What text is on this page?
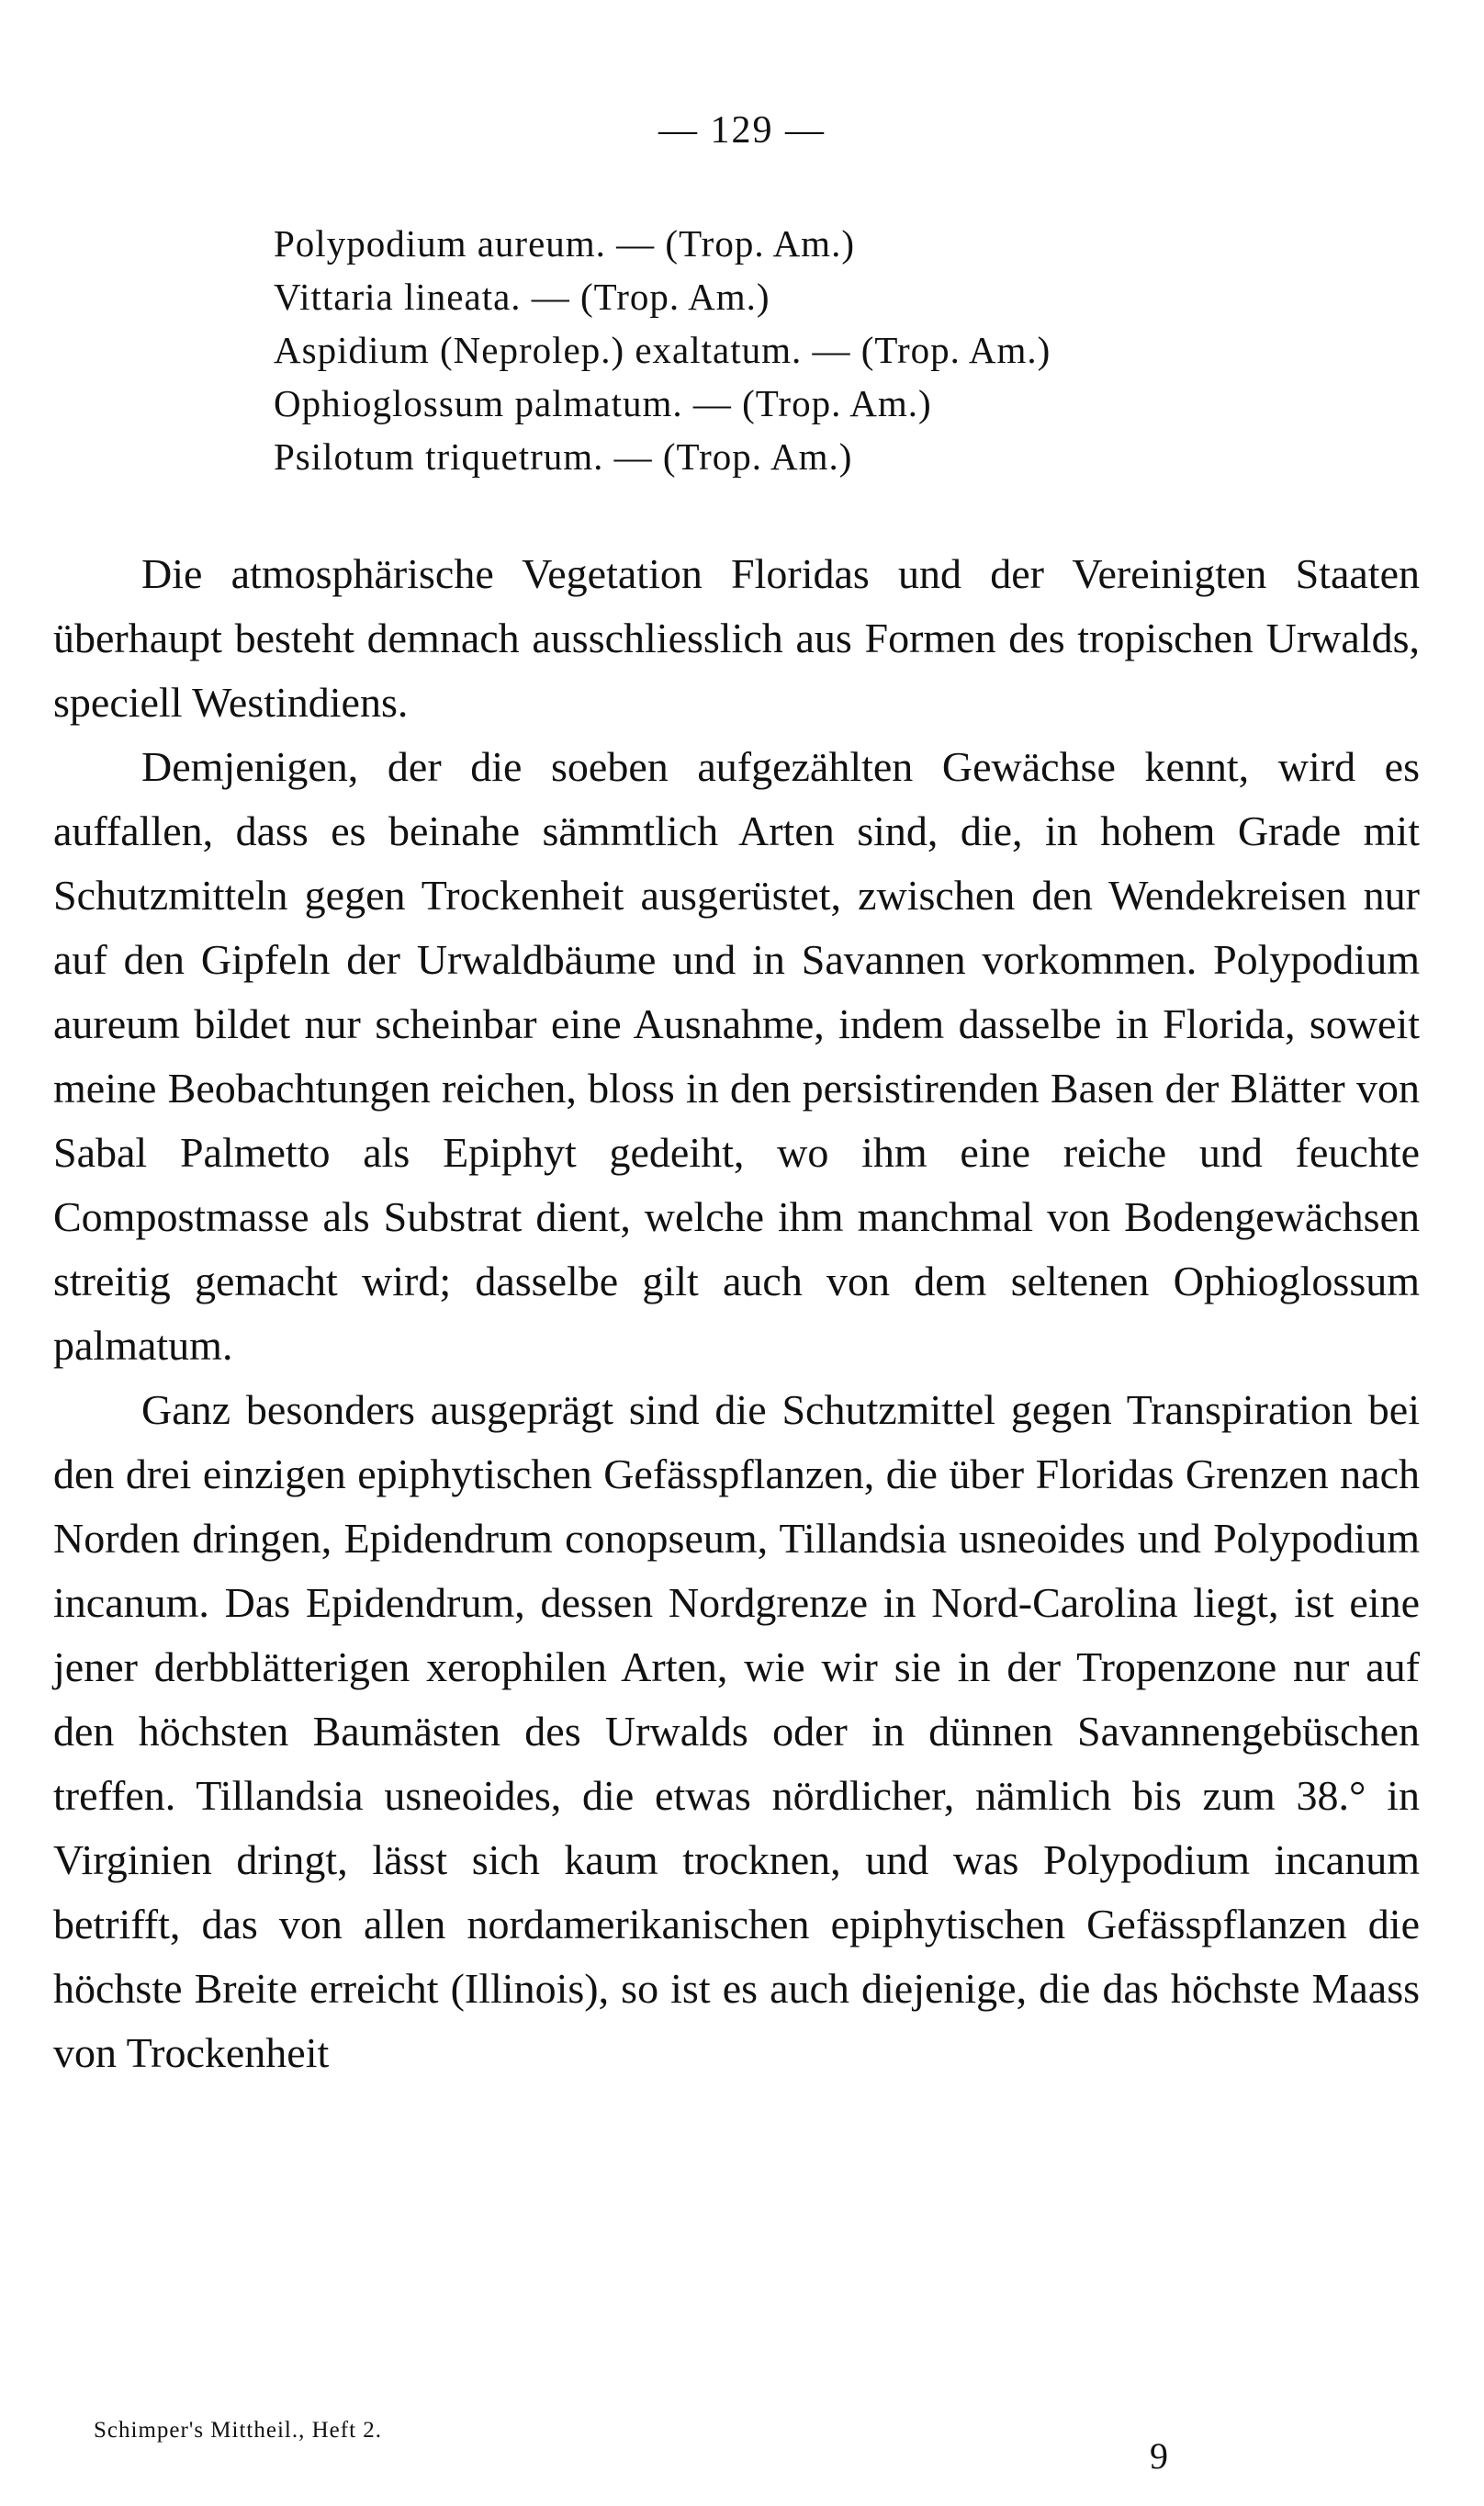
— 129 —
Polypodium aureum. — (Trop. Am.)
Vittaria lineata. — (Trop. Am.)
Aspidium (Neprolep.) exaltatum. — (Trop. Am.)
Ophioglossum palmatum. — (Trop. Am.)
Psilotum triquetrum. — (Trop. Am.)

Die atmosphärische Vegetation Floridas und der Vereinigten Staaten überhaupt besteht demnach ausschliesslich aus Formen des tropischen Urwalds, speciell Westindiens.

Demjenigen, der die soeben aufgezählten Gewächse kennt, wird es auffallen, dass es beinahe sämmtlich Arten sind, die, in hohem Grade mit Schutzmitteln gegen Trockenheit ausgerüstet, zwischen den Wendekreisen nur auf den Gipfeln der Urwaldbäume und in Savannen vorkommen. Polypodium aureum bildet nur scheinbar eine Ausnahme, indem dasselbe in Florida, soweit meine Beobachtungen reichen, bloss in den persistirenden Basen der Blätter von Sabal Palmetto als Epiphyt gedeiht, wo ihm eine reiche und feuchte Compostmasse als Substrat dient, welche ihm manchmal von Bodengewächsen streitig gemacht wird; dasselbe gilt auch von dem seltenen Ophioglossum palmatum.

Ganz besonders ausgeprägt sind die Schutzmittel gegen Transpiration bei den drei einzigen epiphytischen Gefässpflanzen, die über Floridas Grenzen nach Norden dringen, Epidendrum conopseum, Tillandsia usneoides und Polypodium incanum. Das Epidendrum, dessen Nordgrenze in Nord-Carolina liegt, ist eine jener derbblätterigen xerophilen Arten, wie wir sie in der Tropenzone nur auf den höchsten Baumästen des Urwalds oder in dünnen Savannengebüschen treffen. Tillandsia usneoides, die etwas nördlicher, nämlich bis zum 38.° in Virginien dringt, lässt sich kaum trocknen, und was Polypodium incanum betrifft, das von allen nordamerikanischen epiphytischen Gefässpflanzen die höchste Breite erreicht (Illinois), so ist es auch diejenige, die das höchste Maass von Trockenheit

Schimper's Mittheil., Heft 2.
9
